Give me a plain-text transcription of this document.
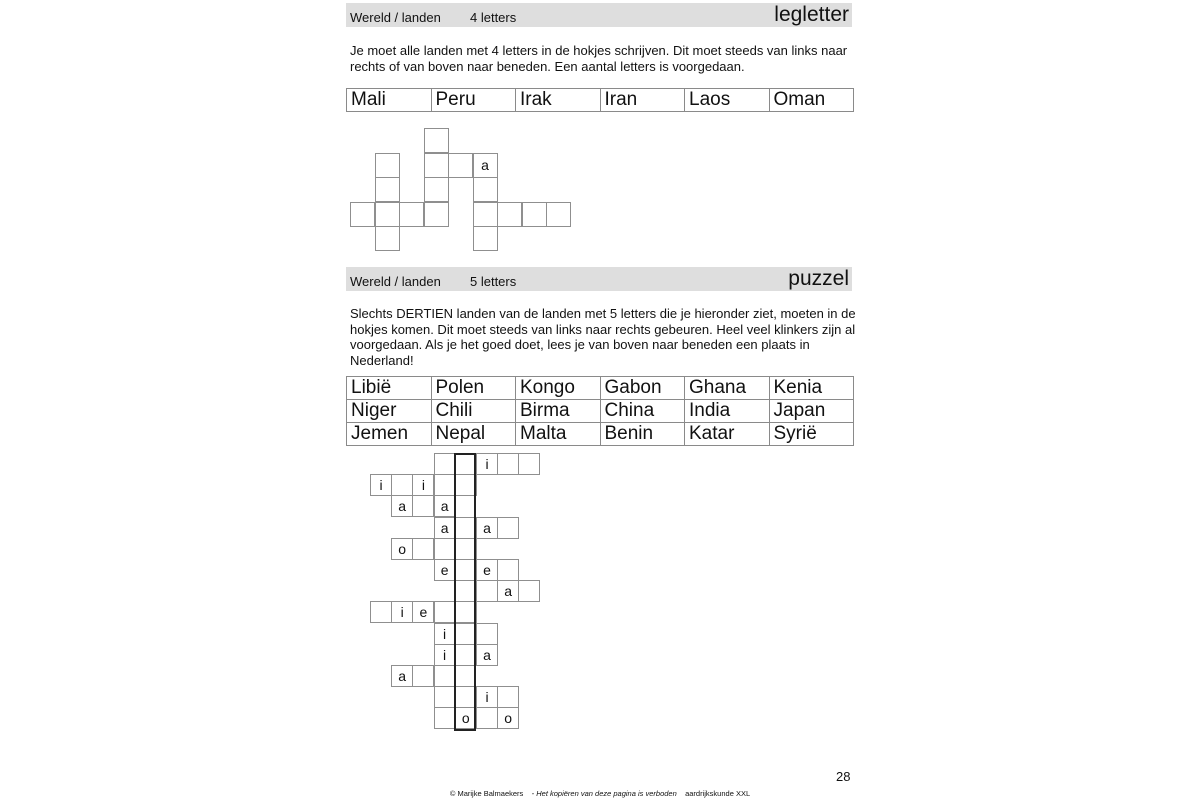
Wereld / landen 4 letters	legletter
Je moet alle landen met 4 letters in de hokjes schrijven. Dit moet steeds van links naar rechts of van boven naar beneden. Een aantal letters is voorgedaan.
Mali	Peru	Irak	Iran	Laos	Oman
Wereld / landen 5 letters	puzzel
Slechts DERTIEN landen van de landen met 5 letters die je hieronder ziet, moeten in de hokjes komen. Dit moet steeds van links naar rechts gebeuren. Heel veel klinkers zijn al voorgedaan. Als je het goed doet, lees je van boven naar beneden een plaats in Nederland!
Libië	Polen	Kongo	Gabon	Ghana	Kenia
Niger	Chili	Birma	China	India	Japan
Jemen	Nepal	Malta	Benin	Katar	Syrië
a
i
i	i
a	a
a	a
o
e	e
a
i	e
i
i	a
a
i
o	o
28
© Marijke Balmaekers - Het kopiëren van deze pagina is verboden aardrijkskunde XXL
